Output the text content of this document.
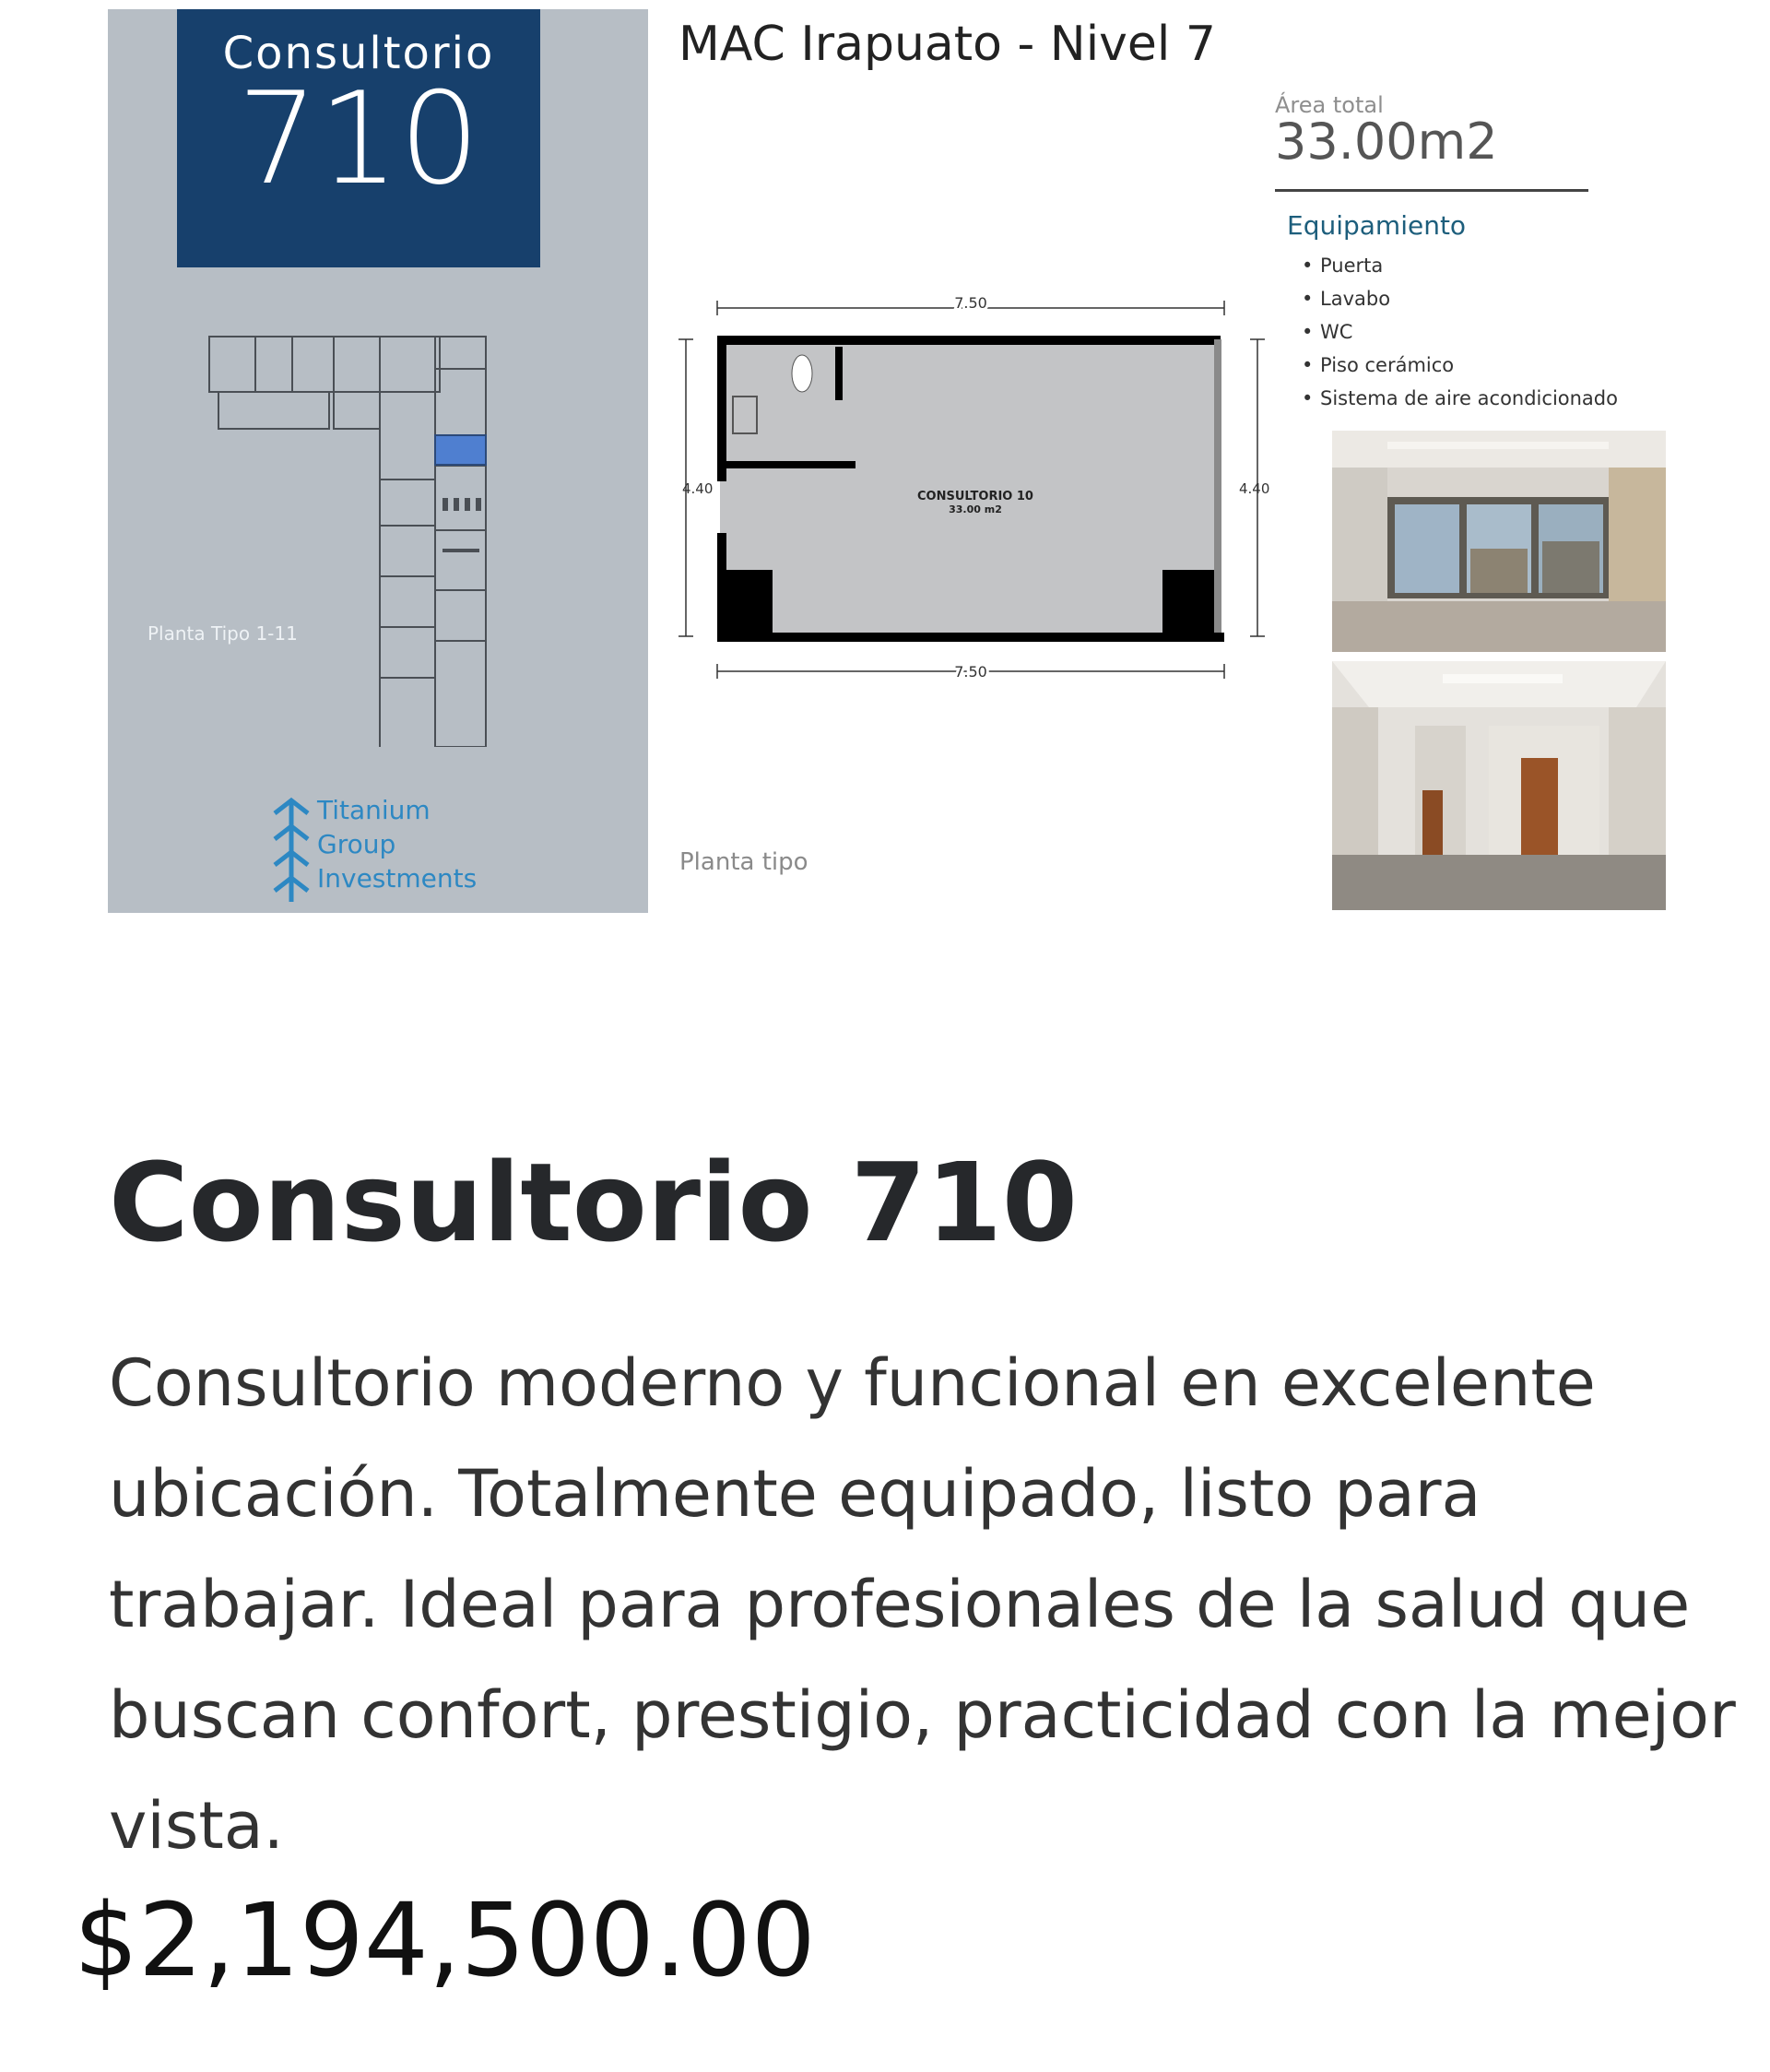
Consultorio
710
Planta Tipo 1-11
Titanium
Group
Investments
MAC Irapuato - Nivel 7
Área total
33.00m2
Equipamiento
• Puerta
• Lavabo
• WC
• Piso cerámico
• Sistema de aire acondicionado
7.50
7.50
4.40	4.40
CONSULTORIO 10
33.00 m2
Planta tipo
Consultorio 710

Consultorio moderno y funcional en excelente ubicación. Totalmente equipado, listo para trabajar. Ideal para profesionales de la salud que buscan confort, prestigio, practicidad con la mejor vista.

$2,194,500.00
